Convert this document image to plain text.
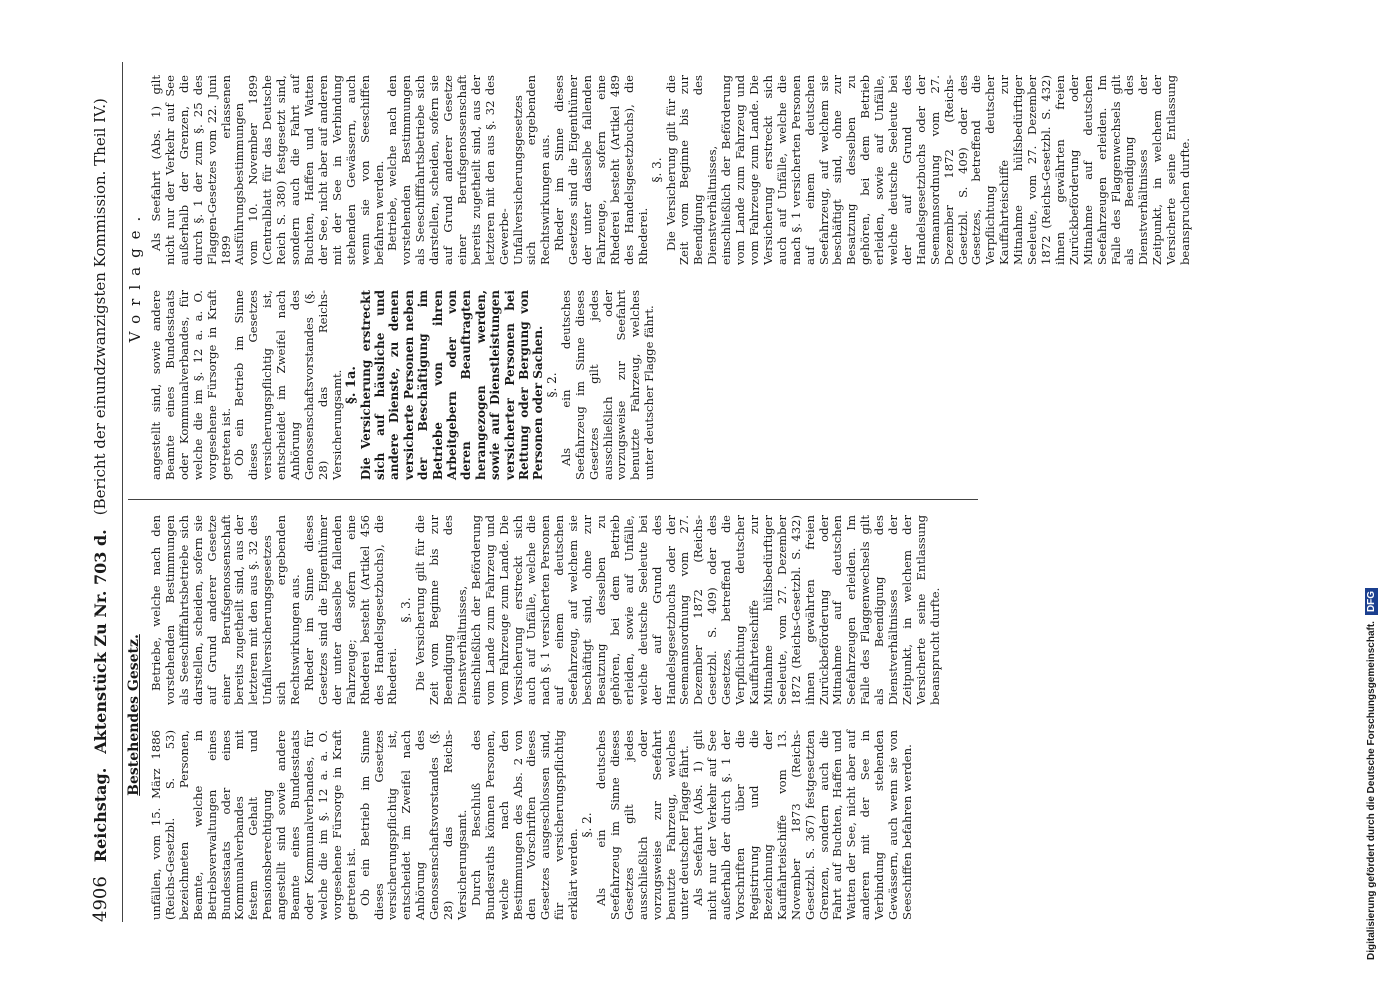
4906
Reichstag.
Aktenstück Zu Nr. 703 d.
(Bericht der einundzwanzigsten Kommission. Theil IV.)
Bestehendes Gesetz.
Vorlage.

unfällen, vom 15. März 1886 (Reichs-Gesetzbl. S. 53) bezeichneten Personen, Beamte, welche in Betriebsverwaltungen eines Bundesstaats oder eines Kommunalverbandes mit festem Gehalt und Pensionsberechtigung angestellt sind sowie andere Beamte eines Bundesstaats oder Kommunalverbandes, für welche die im §. 12 a. a. O. vorgesehene Fürsorge in Kraft getreten ist. Ob ein Betrieb im Sinne dieses Gesetzes versicherungspflichtig ist, entscheidet im Zweifel nach Anhörung des Genossenschaftsvorstandes (§. 28) das Reichs-Versicherungsamt. Durch Beschluß des Bundesraths können Personen, welche nach den Bestimmungen des Abs. 2 von den Vorschriften dieses Gesetzes ausgeschlossen sind, für versicherungspflichtig erklärt werden.

§. 2. Als ein deutsches Seefahrzeug im Sinne dieses Gesetzes gilt jedes ausschließlich oder vorzugsweise zur Seefahrt benutzte Fahrzeug, welches unter deutscher Flagge fährt. Als Seefahrt (Abs. 1) gilt nicht nur der Verkehr auf See außerhalb der durch §. 1 der Vorschriften über die Registrirung und die Bezeichnung der Kauffahrteischiffe vom 13. November 1873 (Reichs-Gesetzbl. S. 367) festgesetzten Grenzen, sondern auch die Fahrt auf Buchten, Haffen und Watten der See, nicht aber auf anderen mit der See in Verbindung stehenden Gewässern, auch wenn sie von Seeschiffen befahren werden.

Betriebe, welche nach den vorstehenden Bestimmungen als Seeschifffahrtsbetriebe sich darstellen, scheiden, sofern sie auf Grund anderer Gesetze einer Berufsgenossenschaft bereits zugetheilt sind, aus der letzteren mit den aus §. 32 des Unfallversicherungsgesetzes sich ergebenden Rechtswirkungen aus. Rheder im Sinne dieses Gesetzes sind die Eigenthümer der unter dasselbe fallenden Fahrzeuge; sofern eine Rhederei besteht (Artikel 456 des Handelsgesetzbuchs), die Rhederei.

§. 3. Die Versicherung gilt für die Zeit vom Beginne bis zur Beendigung des Dienstverhältnisses, einschließlich der Beförderung vom Lande zum Fahrzeug und vom Fahrzeuge zum Lande. Die Versicherung erstreckt sich auch auf Unfälle, welche die nach §. 1 versicherten Personen auf einem deutschen Seefahrzeug, auf welchem sie beschäftigt sind, ohne zur Besatzung desselben zu gehören, bei dem Betrieb erleiden, sowie auf Unfälle, welche deutsche Seeleute bei der auf Grund des Handelsgesetzbuchs oder der Seemannsordnung vom 27. Dezember 1872 (Reichs-Gesetzbl. S. 409) oder des Gesetzes, betreffend die Verpflichtung deutscher Kauffahrteischiffe zur Mitnahme hülfsbedürftiger Seeleute, vom 27. Dezember 1872 (Reichs-Gesetzbl. S. 432) ihnen gewährten freien Zurückbeförderung oder Mitnahme auf deutschen Seefahrzeugen erleiden. Im Falle des Flaggenwechsels gilt als Beendigung des Dienstverhältnisses der Zeitpunkt, in welchem der Versicherte seine Entlassung beansprucht durfte.

angestellt sind, sowie andere Beamte eines Bundesstaats oder Kommunalverbandes, für welche die im §. 12 a. a. O. vorgesehene Fürsorge in Kraft getreten ist. Ob ein Betrieb im Sinne dieses Gesetzes versicherungspflichtig ist, entscheidet im Zweifel nach Anhörung des Genossenschaftsvorstandes (§. 28) das Reichs-Versicherungsamt. §. 1a. Die Versicherung erstreckt sich auf häusliche und andere Dienste, zu denen versicherte Personen neben der Beschäftigung im Betriebe von ihren Arbeitgebern oder von deren Beauftragten herangezogen werden, sowie auf Dienstleistungen versicherter Personen bei Rettung oder Bergung von Personen oder Sachen. §. 2. Als ein deutsches Seefahrzeug im Sinne dieses Gesetzes gilt jedes ausschließlich oder vorzugsweise zur Seefahrt benutzte Fahrzeug, welches unter deutscher Flagge fährt.

Als Seefahrt (Abs. 1) gilt nicht nur der Verkehr auf See außerhalb der Grenzen, die durch §. 1 der zum §. 25 des Flaggen-Gesetzes vom 22. Juni 1899 erlassenen Ausführungsbestimmungen vom 10. November 1899 (Centralblatt für das Deutsche Reich S. 380) festgesetzt sind, sondern auch die Fahrt auf Buchten, Haffen und Watten der See, nicht aber auf anderen mit der See in Verbindung stehenden Gewässern, auch wenn sie von Seeschiffen befahren werden. Betriebe, welche nach den vorstehenden Bestimmungen als Seeschifffahrtsbetriebe sich darstellen, scheiden, sofern sie auf Grund anderer Gesetze einer Berufsgenossenschaft bereits zugetheilt sind, aus der letzteren mit den aus §. 32 des Gewerbe-Unfallversicherungsgesetzes sich ergebenden Rechtswirkungen aus. Rheder im Sinne dieses Gesetzes sind die Eigenthümer der unter dasselbe fallenden Fahrzeuge, sofern eine Rhederei besteht (Artikel 489 des Handelsgesetzbuchs), die Rhederei.

§. 3. Die Versicherung gilt für die Zeit vom Beginne bis zur Beendigung des Dienstverhältnisses, einschließlich der Beförderung vom Lande zum Fahrzeug und vom Fahrzeuge zum Lande. Die Versicherung erstreckt sich auch auf Unfälle, welche die nach §. 1 versicherten Personen auf einem deutschen Seefahrzeug, auf welchem sie beschäftigt sind, ohne zur Besatzung desselben zu gehören, bei dem Betrieb erleiden, sowie auf Unfälle, welche deutsche Seeleute bei der auf Grund des Handelsgesetzbuchs oder der Seemannsordnung vom 27. Dezember 1872 (Reichs-Gesetzbl. S. 409) oder des Gesetzes, betreffend die Verpflichtung deutscher Kauffahrteischiffe zur Mitnahme hülfsbedürftiger Seeleute, vom 27. Dezember 1872 (Reichs-Gesetzbl. S. 432) ihnen gewährten freien Zurückbeförderung oder Mitnahme auf deutschen Seefahrzeugen erleiden. Im Falle des Flaggenwechsels gilt als Beendigung des Dienstverhältnisses der Zeitpunkt, in welchem der Versicherte seine Entlassung beanspruchen durfte.

Digitalisierung gefördert durch die Deutsche Forschungsgemeinschaft.
DFG
